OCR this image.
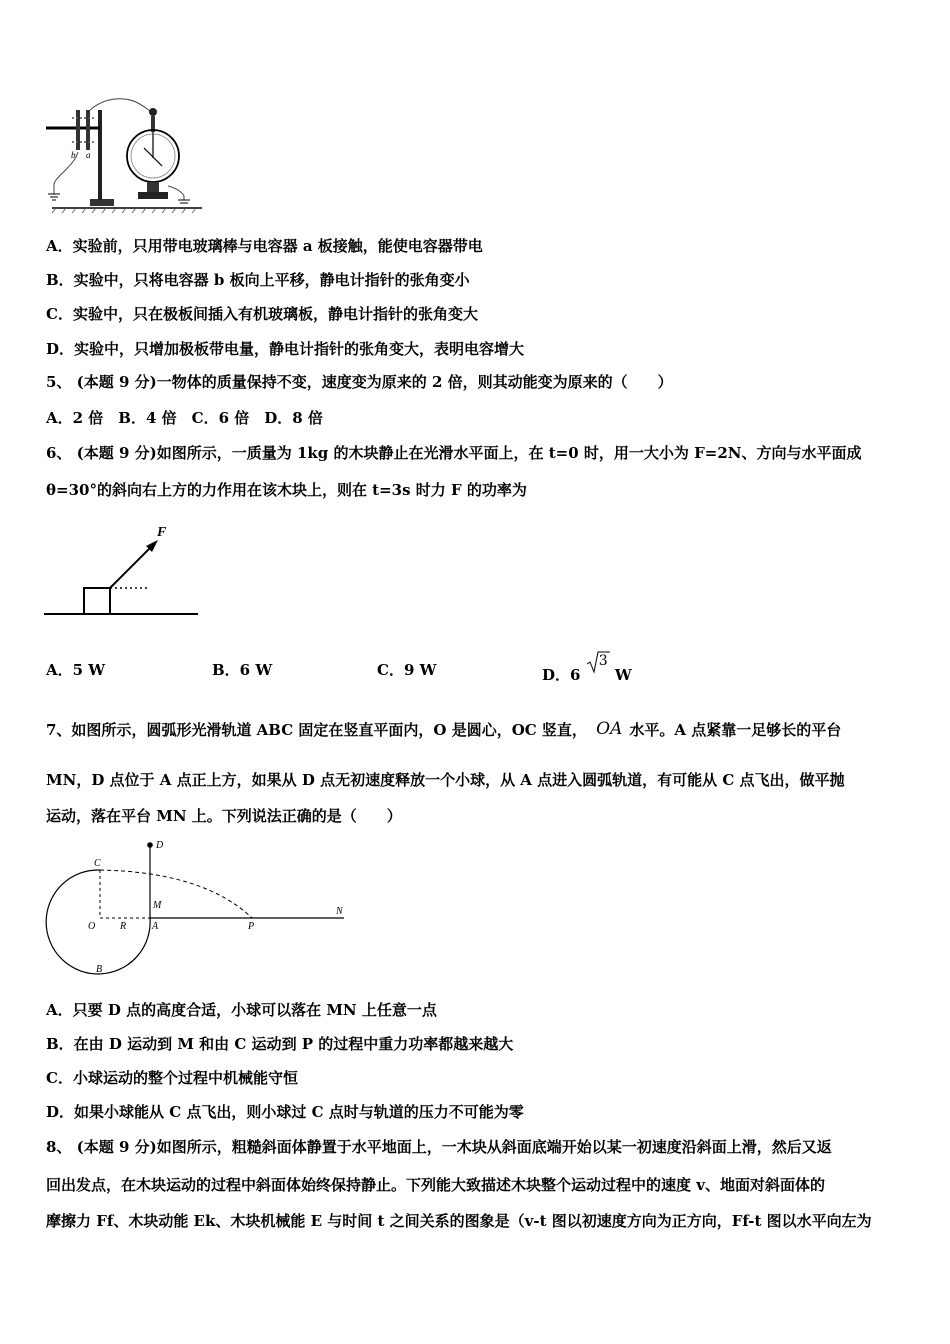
b a
A．实验前，只用带电玻璃棒与电容器 a 板接触，能使电容器带电
B．实验中，只将电容器 b 板向上平移，静电计指针的张角变小
C．实验中，只在极板间插入有机玻璃板，静电计指针的张角变大
D．实验中，只增加极板带电量，静电计指针的张角变大，表明电容增大
5、 (本题 9 分)一物体的质量保持不变，速度变为原来的 2 倍，则其动能变为原来的（　　）
A．2 倍　B．4 倍　C．6 倍　D．8 倍
6、 (本题 9 分)如图所示，一质量为 1kg 的木块静止在光滑水平面上，在 t=0 时，用一大小为 F=2N、方向与水平面成
θ=30°的斜向右上方的力作用在该木块上，则在 t=3s 时力 F 的功率为
F
A．5 W	B．6 W	C．9 W	D．6
3
W
7、如图所示，圆弧形光滑轨道 ABC 固定在竖直平面内，O 是圆心，OC 竖直， OA 水平。A 点紧靠一足够长的平台
MN，D 点位于 A 点正上方，如果从 D 点无初速度释放一个小球，从 A 点进入圆弧轨道，有可能从 C 点飞出，做平抛
运动，落在平台 MN 上。下列说法正确的是（　　）
D
C
M
N
O R	A	P
B
A．只要 D 点的高度合适，小球可以落在 MN 上任意一点
B．在由 D 运动到 M 和由 C 运动到 P 的过程中重力功率都越来越大
C．小球运动的整个过程中机械能守恒
D．如果小球能从 C 点飞出，则小球过 C 点时与轨道的压力不可能为零
8、 (本题 9 分)如图所示，粗糙斜面体静置于水平地面上，一木块从斜面底端开始以某一初速度沿斜面上滑，然后又返
回出发点，在木块运动的过程中斜面体始终保持静止。下列能大致描述木块整个运动过程中的速度 v、地面对斜面体的
摩擦力 Ff、木块动能 Ek、木块机械能 E 与时间 t 之间关系的图象是（v-t 图以初速度方向为正方向，Ff-t 图以水平向左为
